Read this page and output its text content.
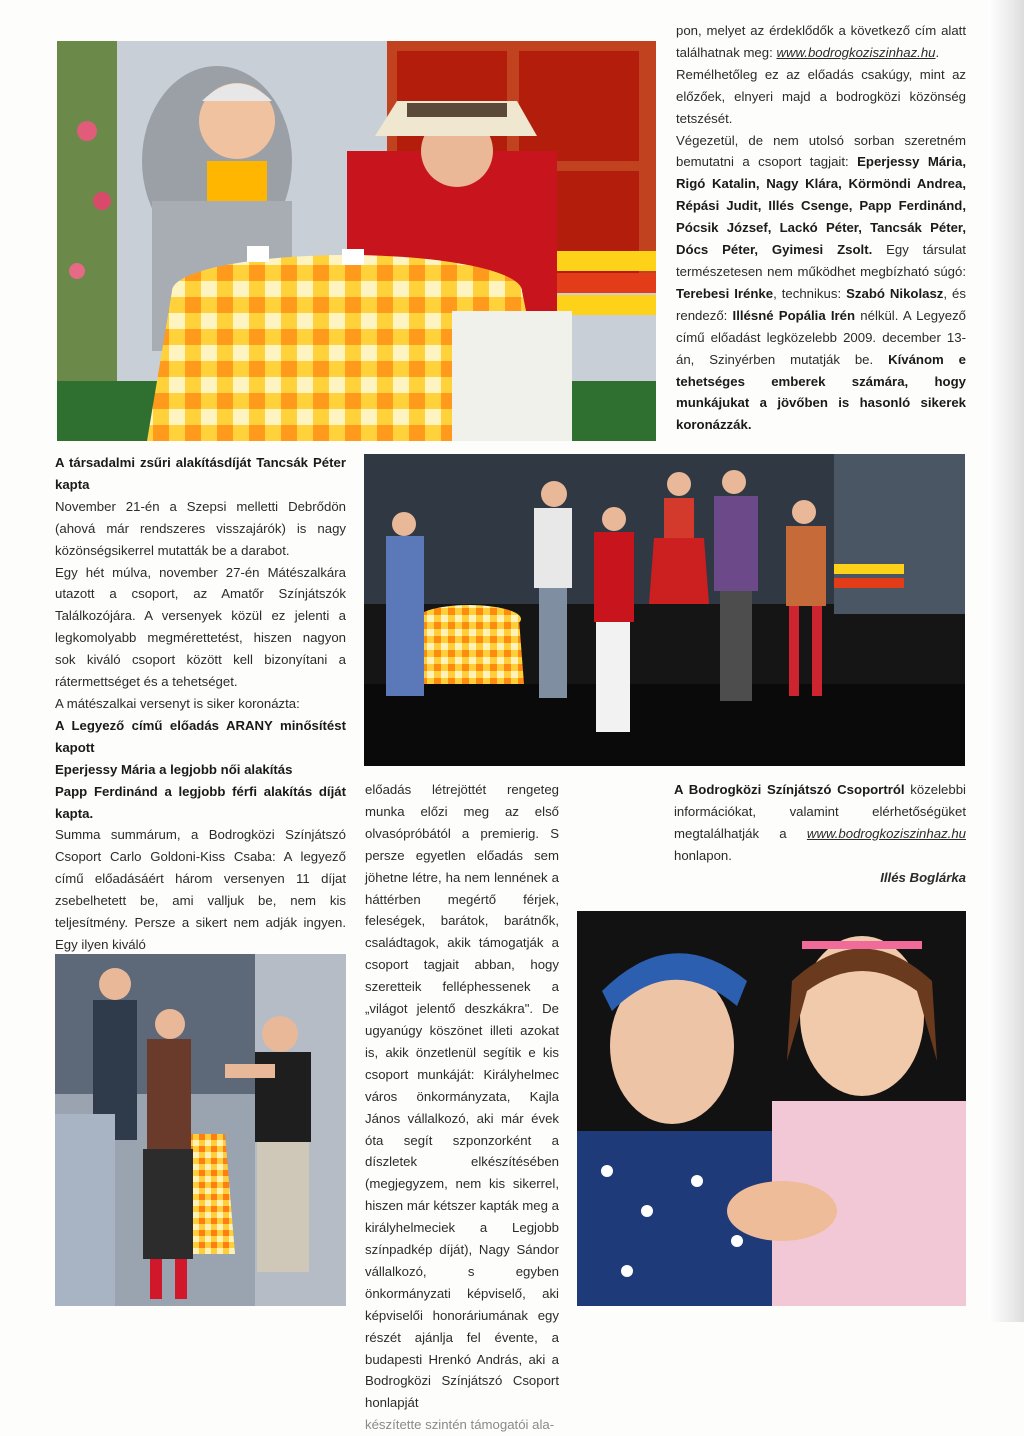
pon, melyet az érdeklődők a következő cím alatt találhatnak meg: www.bodrogkoziszinhaz.hu.

Remélhetőleg ez az előadás csakúgy, mint az előzőek, elnyeri majd a bodrogközi közönség tetszését.

Végezetül, de nem utolsó sorban szeretném bemutatni a csoport tagjait: Eperjessy Mária, Rigó Katalin, Nagy Klára, Körmöndi Andrea, Répási Judit, Illés Csenge, Papp Ferdinánd, Pócsik József, Lackó Péter, Tancsák Péter, Dócs Péter, Gyimesi Zsolt. Egy társulat természetesen nem működhet megbízható súgó: Terebesi Irénke, technikus: Szabó Nikolasz, és rendező: Illésné Popália Irén nélkül. A Legyező című előadást legközelebb 2009. december 13-án, Szinyérben mutatják be. Kívánom e tehetséges emberek számára, hogy munkájukat a jövőben is hasonló sikerek koronázzák.

A társadalmi zsűri alakításdíját Tancsák Péter kapta

November 21-én a Szepsi melletti Debrődön (ahová már rendszeres visszajárók) is nagy közönségsikerrel mutatták be a darabot.

Egy hét múlva, november 27-én Mátészalkára utazott a csoport, az Amatőr Színjátszók Találkozójára. A versenyek közül ez jelenti a legkomolyabb megmérettetést, hiszen nagyon sok kiváló csoport között kell bizonyítani a rátermettséget és a tehetséget.

A mátészalkai versenyt is siker koronázta:

A Legyező című előadás ARANY minősítést kapott

Eperjessy Mária a legjobb női alakítás

Papp Ferdinánd a legjobb férfi alakítás díját kapta.

Summa summárum, a Bodrogközi Színjátszó Csoport Carlo Goldoni-Kiss Csaba: A legyező című előadásáért három versenyen 11 díjat zsebelhetett be, ami valljuk be, nem kis teljesítmény. Persze a sikert nem adják ingyen. Egy ilyen kiváló

előadás létrejöttét rengeteg munka előzi meg az első olvasópróbától a premierig. S persze egyetlen előadás sem jöhetne létre, ha nem lennének a háttérben megértő férjek, feleségek, barátok, barátnők, családtagok, akik támogatják a csoport tagjait abban, hogy szeretteik felléphessenek a „világot jelentő deszkákra". De ugyanúgy köszönet illeti azokat is, akik önzetlenül segítik e kis csoport munkáját: Királyhelmec város önkormányzata, Kajla János vállalkozó, aki már évek óta segít szponzorként a díszletek elkészítésében (megjegyzem, nem kis sikerrel, hiszen már kétszer kapták meg a királyhelmeciek a Legjobb színpadkép díját), Nagy Sándor vállalkozó, s egyben önkormányzati képviselő, aki képviselői honoráriumának egy részét ajánlja fel évente, a budapesti Hrenkó András, aki a Bodrogközi Színjátszó Csoport honlapját

készítette szintén támogatói ala-

A Bodrogközi Színjátszó Csoportról közelebbi információkat, valamint elérhetőségüket megtalálhatják a www.bodrogkoziszinhaz.hu honlapon.

Illés Boglárka
